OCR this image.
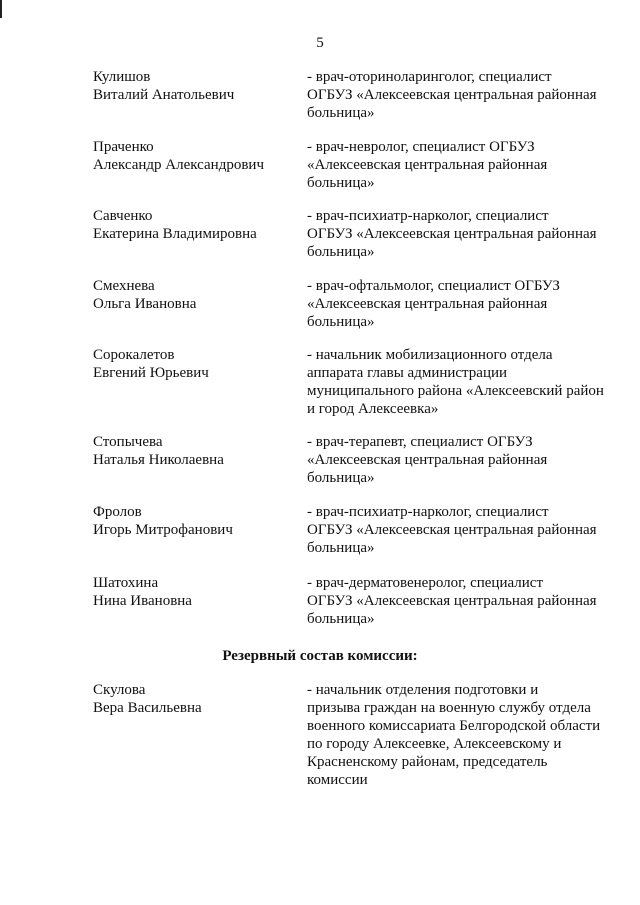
5
Кулишов
Виталий Анатольевич
- врач-оториноларинголог, специалист
ОГБУЗ «Алексеевская центральная районная
больница»
Праченко
Александр Александрович
- врач-невролог, специалист ОГБУЗ
«Алексеевская центральная районная
больница»
Савченко
Екатерина Владимировна
- врач-психиатр-нарколог, специалист
ОГБУЗ «Алексеевская центральная районная
больница»
Смехнева
Ольга Ивановна
- врач-офтальмолог, специалист ОГБУЗ
«Алексеевская центральная районная
больница»
Сорокалетов
Евгений Юрьевич
- начальник мобилизационного отдела
аппарата главы администрации
муниципального района «Алексеевский район
и город Алексеевка»
Стопычева
Наталья Николаевна
- врач-терапевт, специалист ОГБУЗ
«Алексеевская центральная районная
больница»
Фролов
Игорь Митрофанович
- врач-психиатр-нарколог, специалист
ОГБУЗ «Алексеевская центральная районная
больница»
Шатохина
Нина Ивановна
- врач-дерматовенеролог, специалист
ОГБУЗ «Алексеевская центральная районная
больница»
Резервный состав комиссии:
Скулова
Вера Васильевна
- начальник отделения подготовки и
призыва граждан на военную службу отдела
военного комиссариата Белгородской области
по городу Алексеевке, Алексеевскому и
Красненскому районам, председатель
комиссии
